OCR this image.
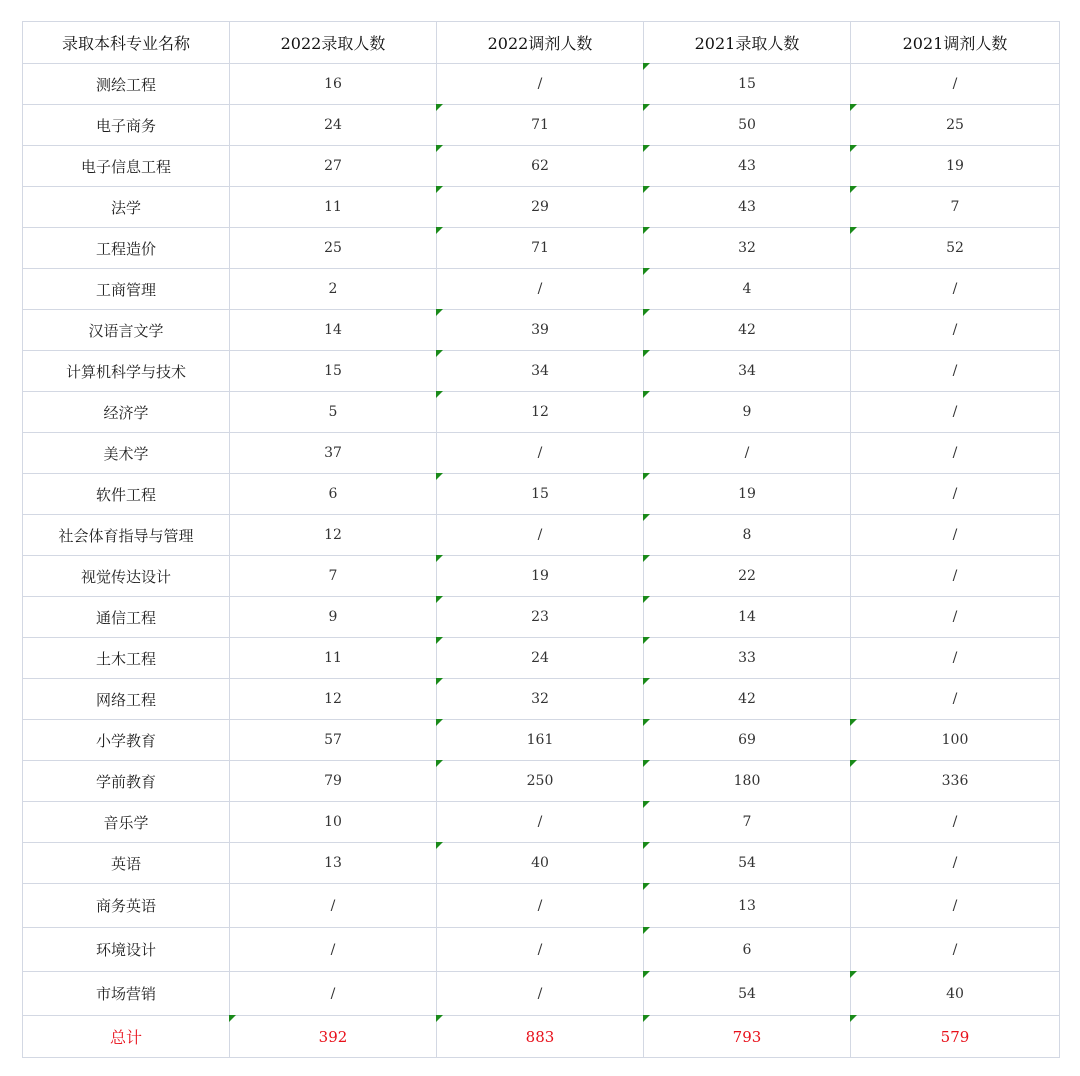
录取本科专业名称	2022录取人数	2022调剂人数	2021录取人数	2021调剂人数
测绘工程	16	/	15	/
电子商务	24	71	50	25
电子信息工程	27	62	43	19
法学	11	29	43	7
工程造价	25	71	32	52
工商管理	2	/	4	/
汉语言文学	14	39	42	/
计算机科学与技术	15	34	34	/
经济学	5	12	9	/
美术学	37	/	/	/
软件工程	6	15	19	/
社会体育指导与管理	12	/	8	/
视觉传达设计	7	19	22	/
通信工程	9	23	14	/
土木工程	11	24	33	/
网络工程	12	32	42	/
小学教育	57	161	69	100
学前教育	79	250	180	336
音乐学	10	/	7	/
英语	13	40	54	/
商务英语	/	/	13	/
环境设计	/	/	6	/
市场营销	/	/	54	40
总计	392	883	793	579
